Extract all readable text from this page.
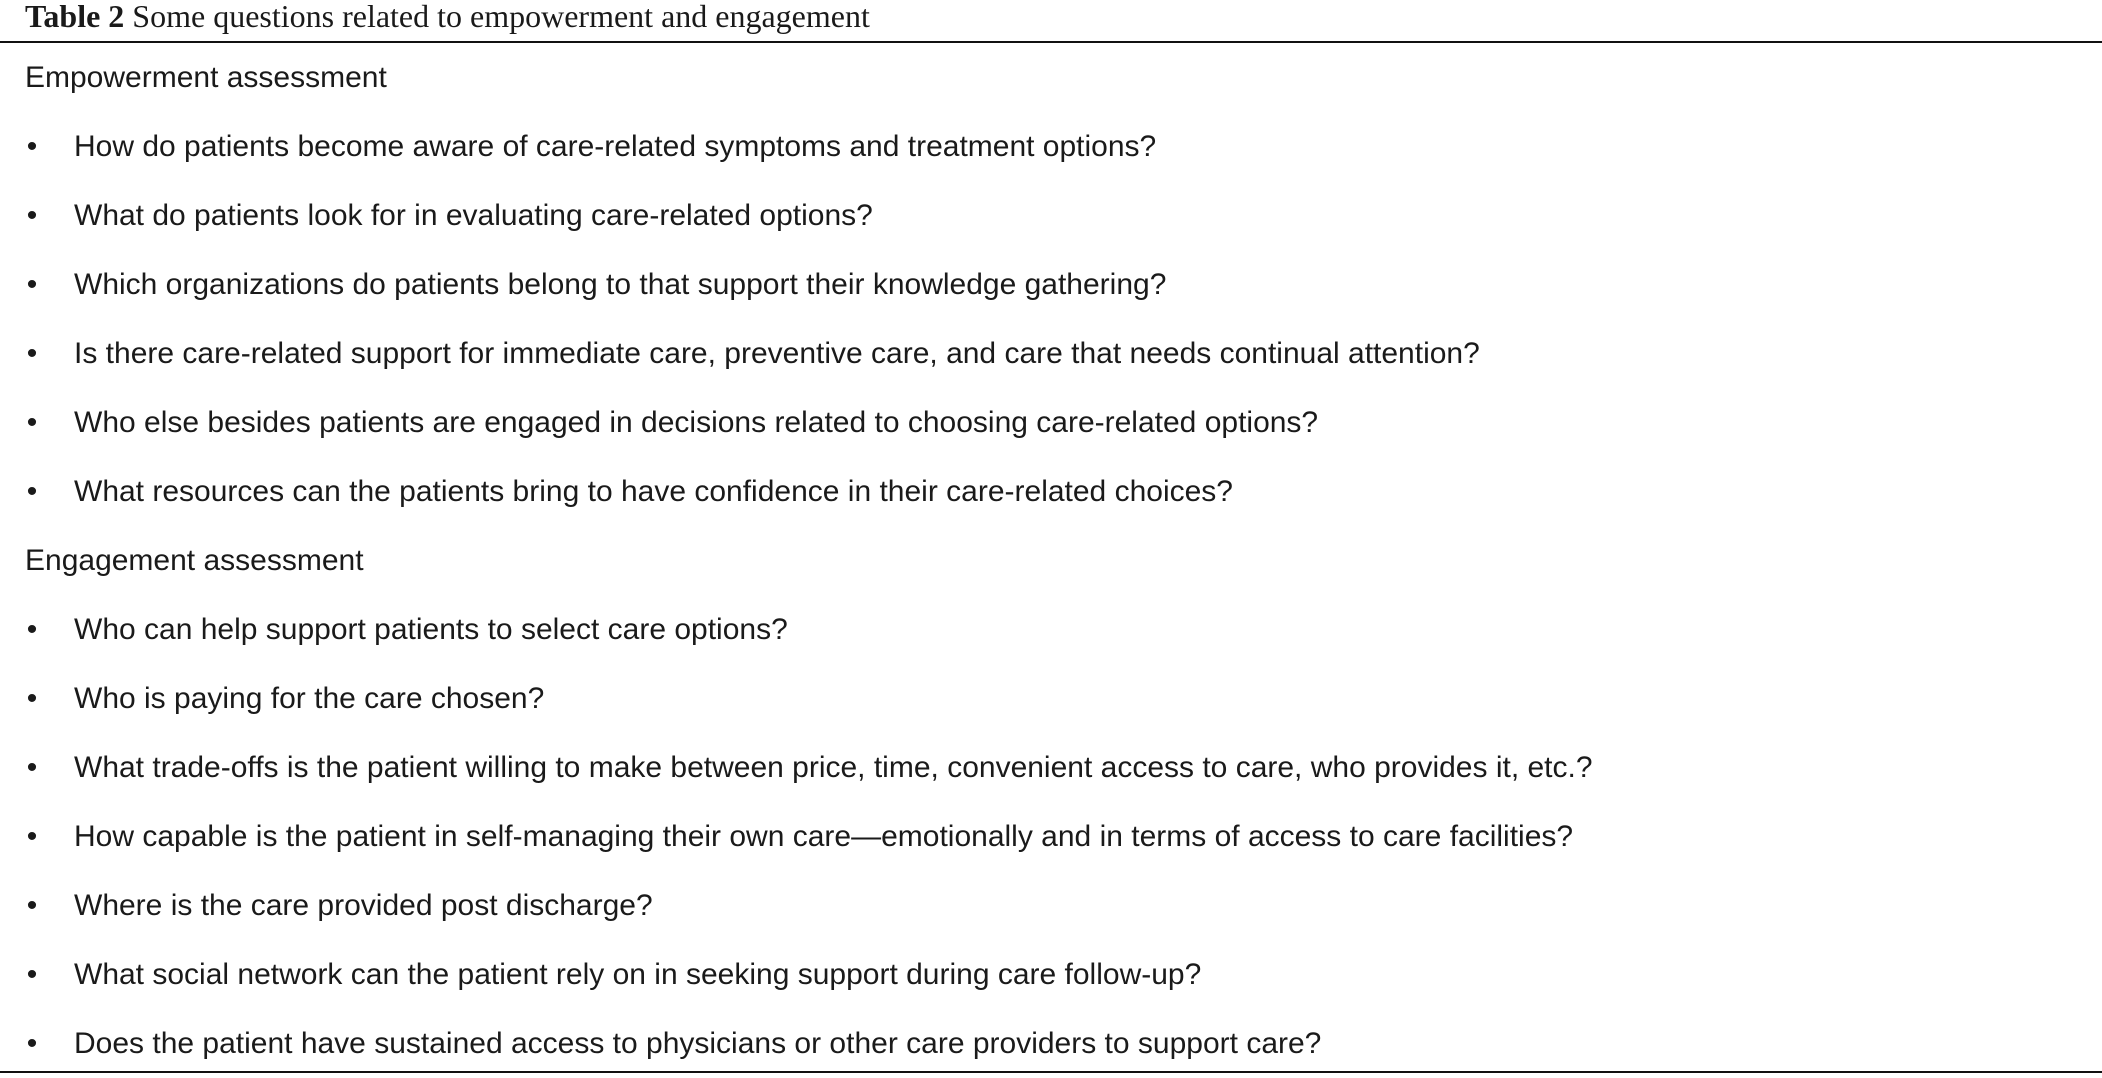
Table 2 Some questions related to empowerment and engagement
Empowerment assessment
• How do patients become aware of care-related symptoms and treatment options?
• What do patients look for in evaluating care-related options?
• Which organizations do patients belong to that support their knowledge gathering?
• Is there care-related support for immediate care, preventive care, and care that needs continual attention?
• Who else besides patients are engaged in decisions related to choosing care-related options?
• What resources can the patients bring to have confidence in their care-related choices?
Engagement assessment
• Who can help support patients to select care options?
• Who is paying for the care chosen?
• What trade-offs is the patient willing to make between price, time, convenient access to care, who provides it, etc.?
• How capable is the patient in self-managing their own care—emotionally and in terms of access to care facilities?
• Where is the care provided post discharge?
• What social network can the patient rely on in seeking support during care follow-up?
• Does the patient have sustained access to physicians or other care providers to support care?
